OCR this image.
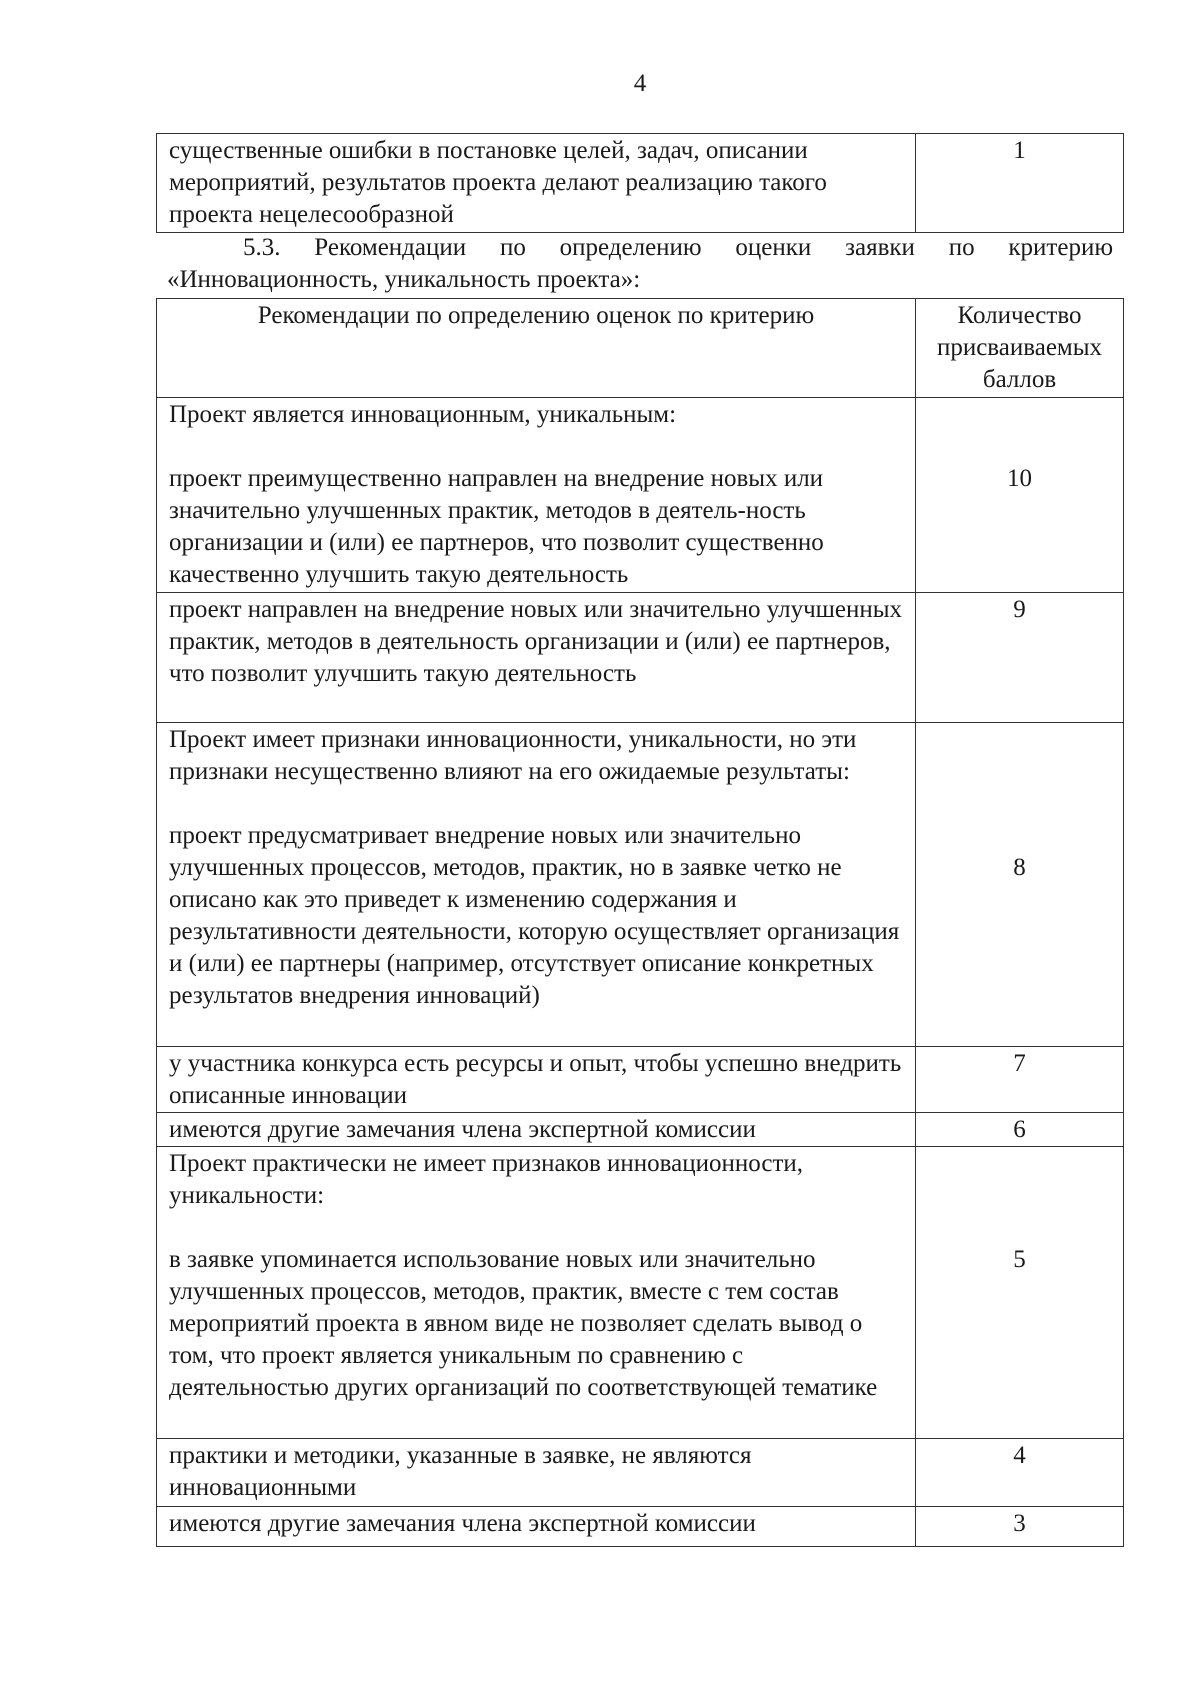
4
существенные ошибки в постановке целей, задач, описании мероприятий, результатов проекта делают реализацию такого проекта нецелесообразной	1
5.3. Рекомендации по определению оценки заявки по критерию «Инновационность, уникальность проекта»:
Рекомендации по определению оценок по критерию	Количество присваиваемых баллов

Проект является инновационным, уникальным:

проект преимущественно направлен на внедрение новых или значительно улучшенных практик, методов в деятель-ность организации и (или) ее партнеров, что позволит существенно качественно улучшить такую деятельность	10
проект направлен на внедрение новых или значительно улучшенных практик, методов в деятельность организации и (или) ее партнеров, что позволит улучшить такую деятельность	9

Проект имеет признаки инновационности, уникальности, но эти признаки несущественно влияют на его ожидаемые результаты:

проект предусматривает внедрение новых или значительно улучшенных процессов, методов, практик, но в заявке четко не описано как это приведет к изменению содержания и результативности деятельности, которую осуществляет организация и (или) ее партнеры (например, отсутствует описание конкретных результатов внедрения инноваций)	8
у участника конкурса есть ресурсы и опыт, чтобы успешно внедрить описанные инновации	7
имеются другие замечания члена экспертной комиссии	6

Проект практически не имеет признаков инновационности, уникальности:

в заявке упоминается использование новых или значительно улучшенных процессов, методов, практик, вместе с тем состав мероприятий проекта в явном виде не позволяет сделать вывод о том, что проект является уникальным по сравнению с деятельностью других организаций по соответствующей тематике	5
практики и методики, указанные в заявке, не являются инновационными	4
имеются другие замечания члена экспертной комиссии	3
